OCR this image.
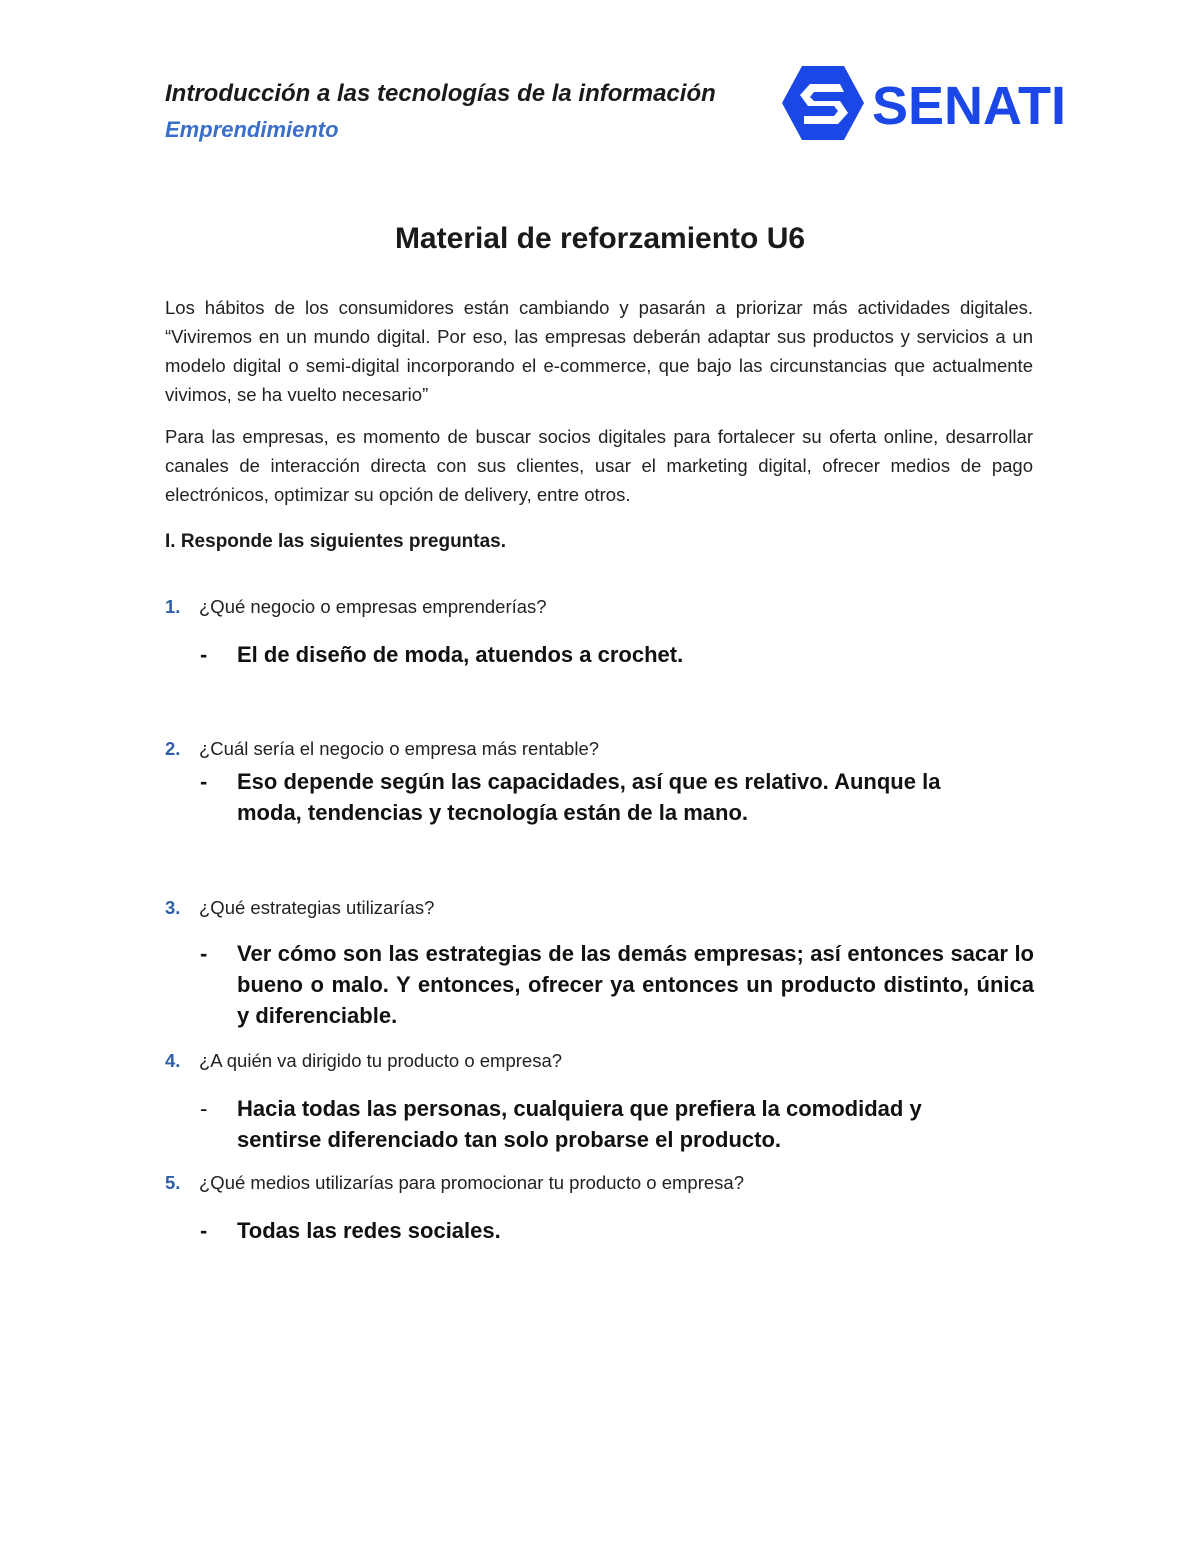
Introducción a las tecnologías de la información
Emprendimiento	SENATI
Material de reforzamiento U6

Los hábitos de los consumidores están cambiando y pasarán a priorizar más actividades digitales. “Viviremos en un mundo digital. Por eso, las empresas deberán adaptar sus productos y servicios a un modelo digital o semi-digital incorporando el e-commerce, que bajo las circunstancias que actualmente vivimos, se ha vuelto necesario”

Para las empresas, es momento de buscar socios digitales para fortalecer su oferta online, desarrollar canales de interacción directa con sus clientes, usar el marketing digital, ofrecer medios de pago electrónicos, optimizar su opción de delivery, entre otros.

I. Responde las siguientes preguntas.
1. ¿Qué negocio o empresas emprenderías?
-	El de diseño de moda, atuendos a crochet.
2. ¿Cuál sería el negocio o empresa más rentable?
-	Eso depende según las capacidades, así que es relativo. Aunque la moda, tendencias y tecnología están de la mano.
3. ¿Qué estrategias utilizarías?
-	Ver cómo son las estrategias de las demás empresas; así entonces sacar lo bueno o malo. Y entonces, ofrecer ya entonces un producto distinto, única y diferenciable.
4. ¿A quién va dirigido tu producto o empresa?
-	Hacia todas las personas, cualquiera que prefiera la comodidad y sentirse diferenciado tan solo probarse el producto.
5. ¿Qué medios utilizarías para promocionar tu producto o empresa?
-	Todas las redes sociales.
